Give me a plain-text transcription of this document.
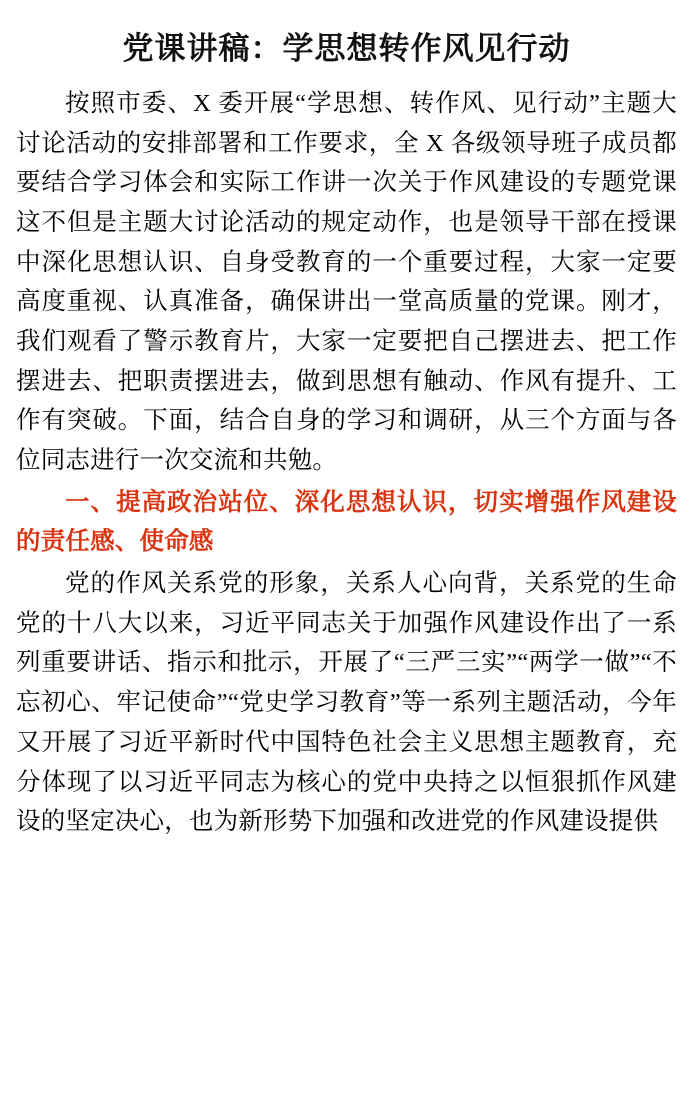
党课讲稿：学思想转作风见行动

按照市委、X 委开展“学思想、转作风、见行动”主题大讨论活动的安排部署和工作要求，全 X 各级领导班子成员都要结合学习体会和实际工作讲一次关于作风建设的专题党课这不但是主题大讨论活动的规定动作，也是领导干部在授课中深化思想认识、自身受教育的一个重要过程，大家一定要高度重视、认真准备，确保讲出一堂高质量的党课。刚才，我们观看了警示教育片，大家一定要把自己摆进去、把工作摆进去、把职责摆进去，做到思想有触动、作风有提升、工作有突破。下面，结合自身的学习和调研，从三个方面与各位同志进行一次交流和共勉。

一、提高政治站位、深化思想认识，切实增强作风建设的责任感、使命感

党的作风关系党的形象，关系人心向背，关系党的生命党的十八大以来，习近平同志关于加强作风建设作出了一系列重要讲话、指示和批示，开展了“三严三实”“两学一做”“不忘初心、牢记使命”“党史学习教育”等一系列主题活动，今年又开展了习近平新时代中国特色社会主义思想主题教育，充分体现了以习近平同志为核心的党中央持之以恒狠抓作风建设的坚定决心，也为新形势下加强和改进党的作风建设提供
